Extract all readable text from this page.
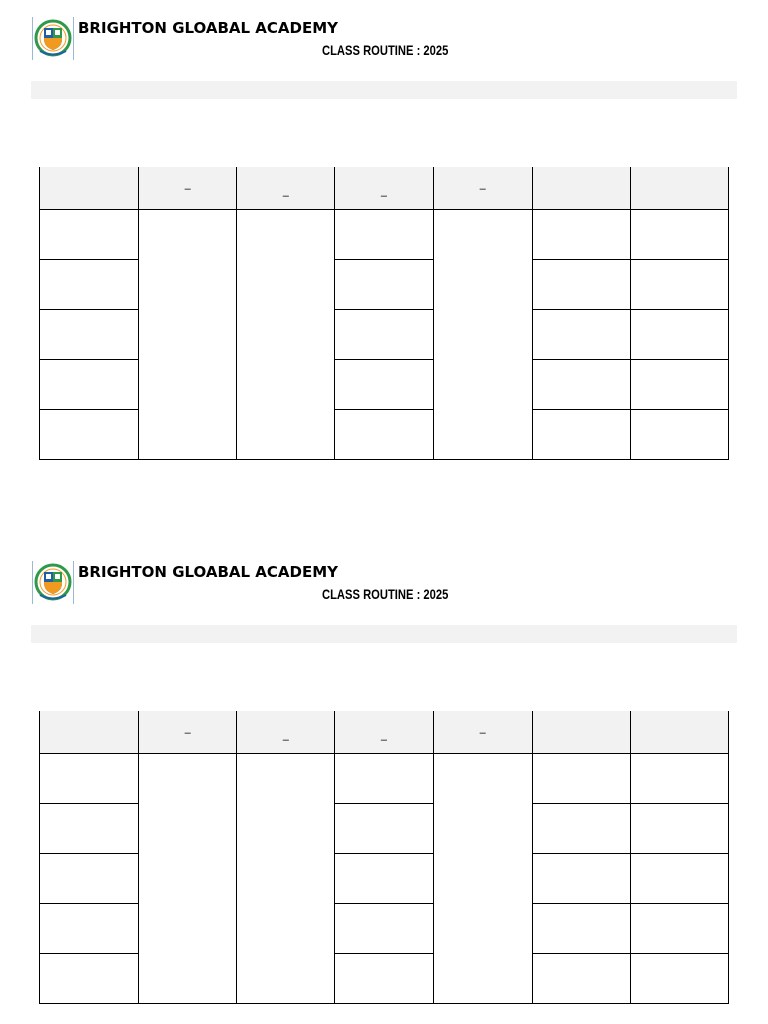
BRIGHTON GLOABAL ACADEMY
CLASS ROUTINE : 2025
	–	–	–	–		

BRIGHTON GLOABAL ACADEMY
CLASS ROUTINE : 2025
	–	–	–	–		
